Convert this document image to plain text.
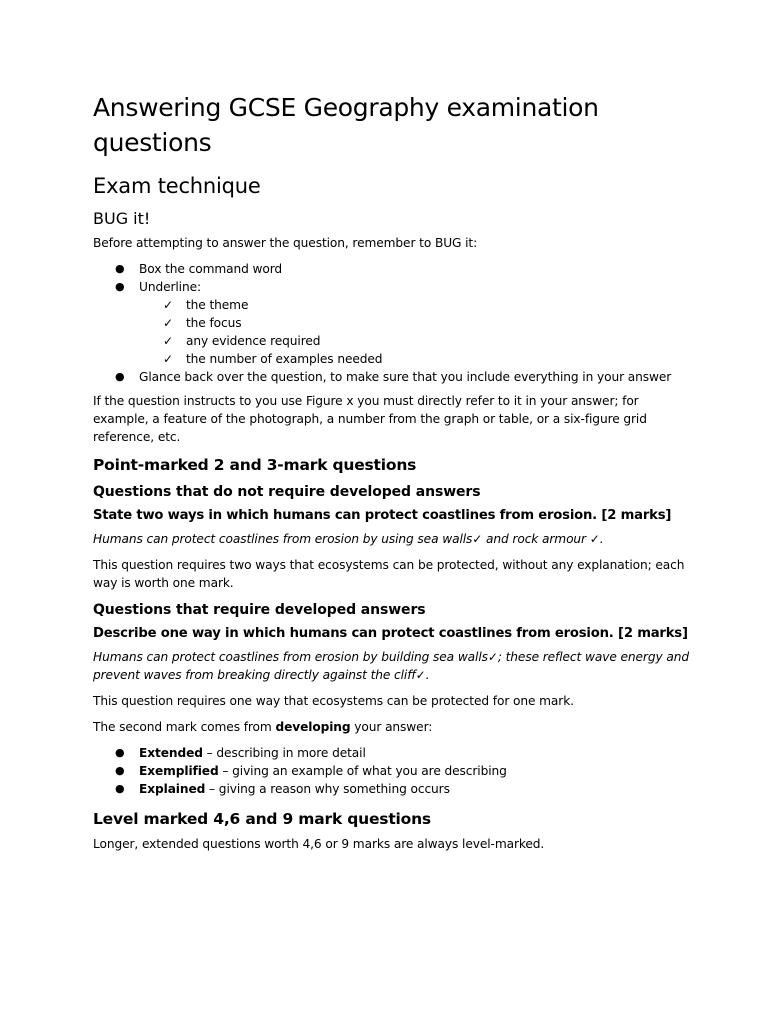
Answering GCSE Geography examination questions
Exam technique
BUG it!

Before attempting to answer the question, remember to BUG it:

● Box the command word
● Underline:
✓ the theme
✓ the focus
✓ any evidence required
✓ the number of examples needed
● Glance back over the question, to make sure that you include everything in your answer

If the question instructs to you use Figure x you must directly refer to it in your answer; for example, a feature of the photograph, a number from the graph or table, or a six-figure grid reference, etc.

Point-marked 2 and 3-mark questions
Questions that do not require developed answers
State two ways in which humans can protect coastlines from erosion. [2 marks]

Humans can protect coastlines from erosion by using sea walls✓ and rock armour ✓.

This question requires two ways that ecosystems can be protected, without any explanation; each way is worth one mark.

Questions that require developed answers
Describe one way in which humans can protect coastlines from erosion. [2 marks]

Humans can protect coastlines from erosion by building sea walls✓; these reflect wave energy and prevent waves from breaking directly against the cliff✓.

This question requires one way that ecosystems can be protected for one mark.

The second mark comes from developing your answer:

● Extended – describing in more detail
● Exemplified – giving an example of what you are describing
● Explained – giving a reason why something occurs
Level marked 4,6 and 9 mark questions

Longer, extended questions worth 4,6 or 9 marks are always level-marked.
